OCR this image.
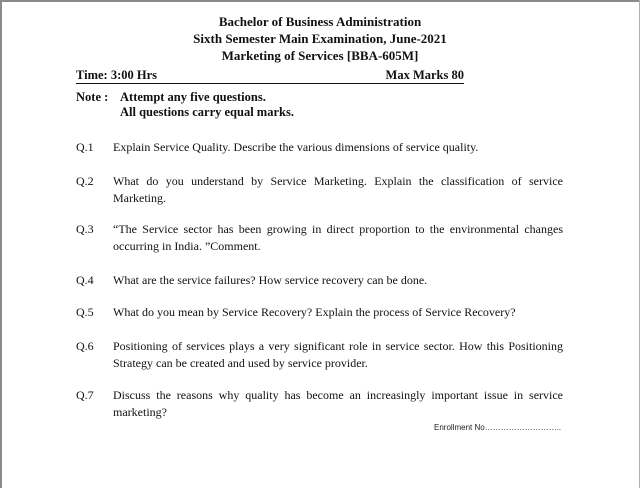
Bachelor of Business Administration
Sixth Semester Main Examination, June-2021
Marketing of Services [BBA-605M]
Time: 3:00 Hrs	Max Marks 80
Note : Attempt any five questions.
All questions carry equal marks.
Q.1 Explain Service Quality. Describe the various dimensions of service quality.
Q.2 What do you understand by Service Marketing. Explain the classification of service Marketing.
Q.3 “The Service sector has been growing in direct proportion to the environmental changes occurring in India. ”Comment.
Q.4 What are the service failures? How service recovery can be done.
Q.5 What do you mean by Service Recovery? Explain the process of Service Recovery?
Q.6 Positioning of services plays a very significant role in service sector. How this Positioning Strategy can be created and used by service provider.
Q.7 Discuss the reasons why quality has become an increasingly important issue in service marketing?
Enrollment No………………………..
